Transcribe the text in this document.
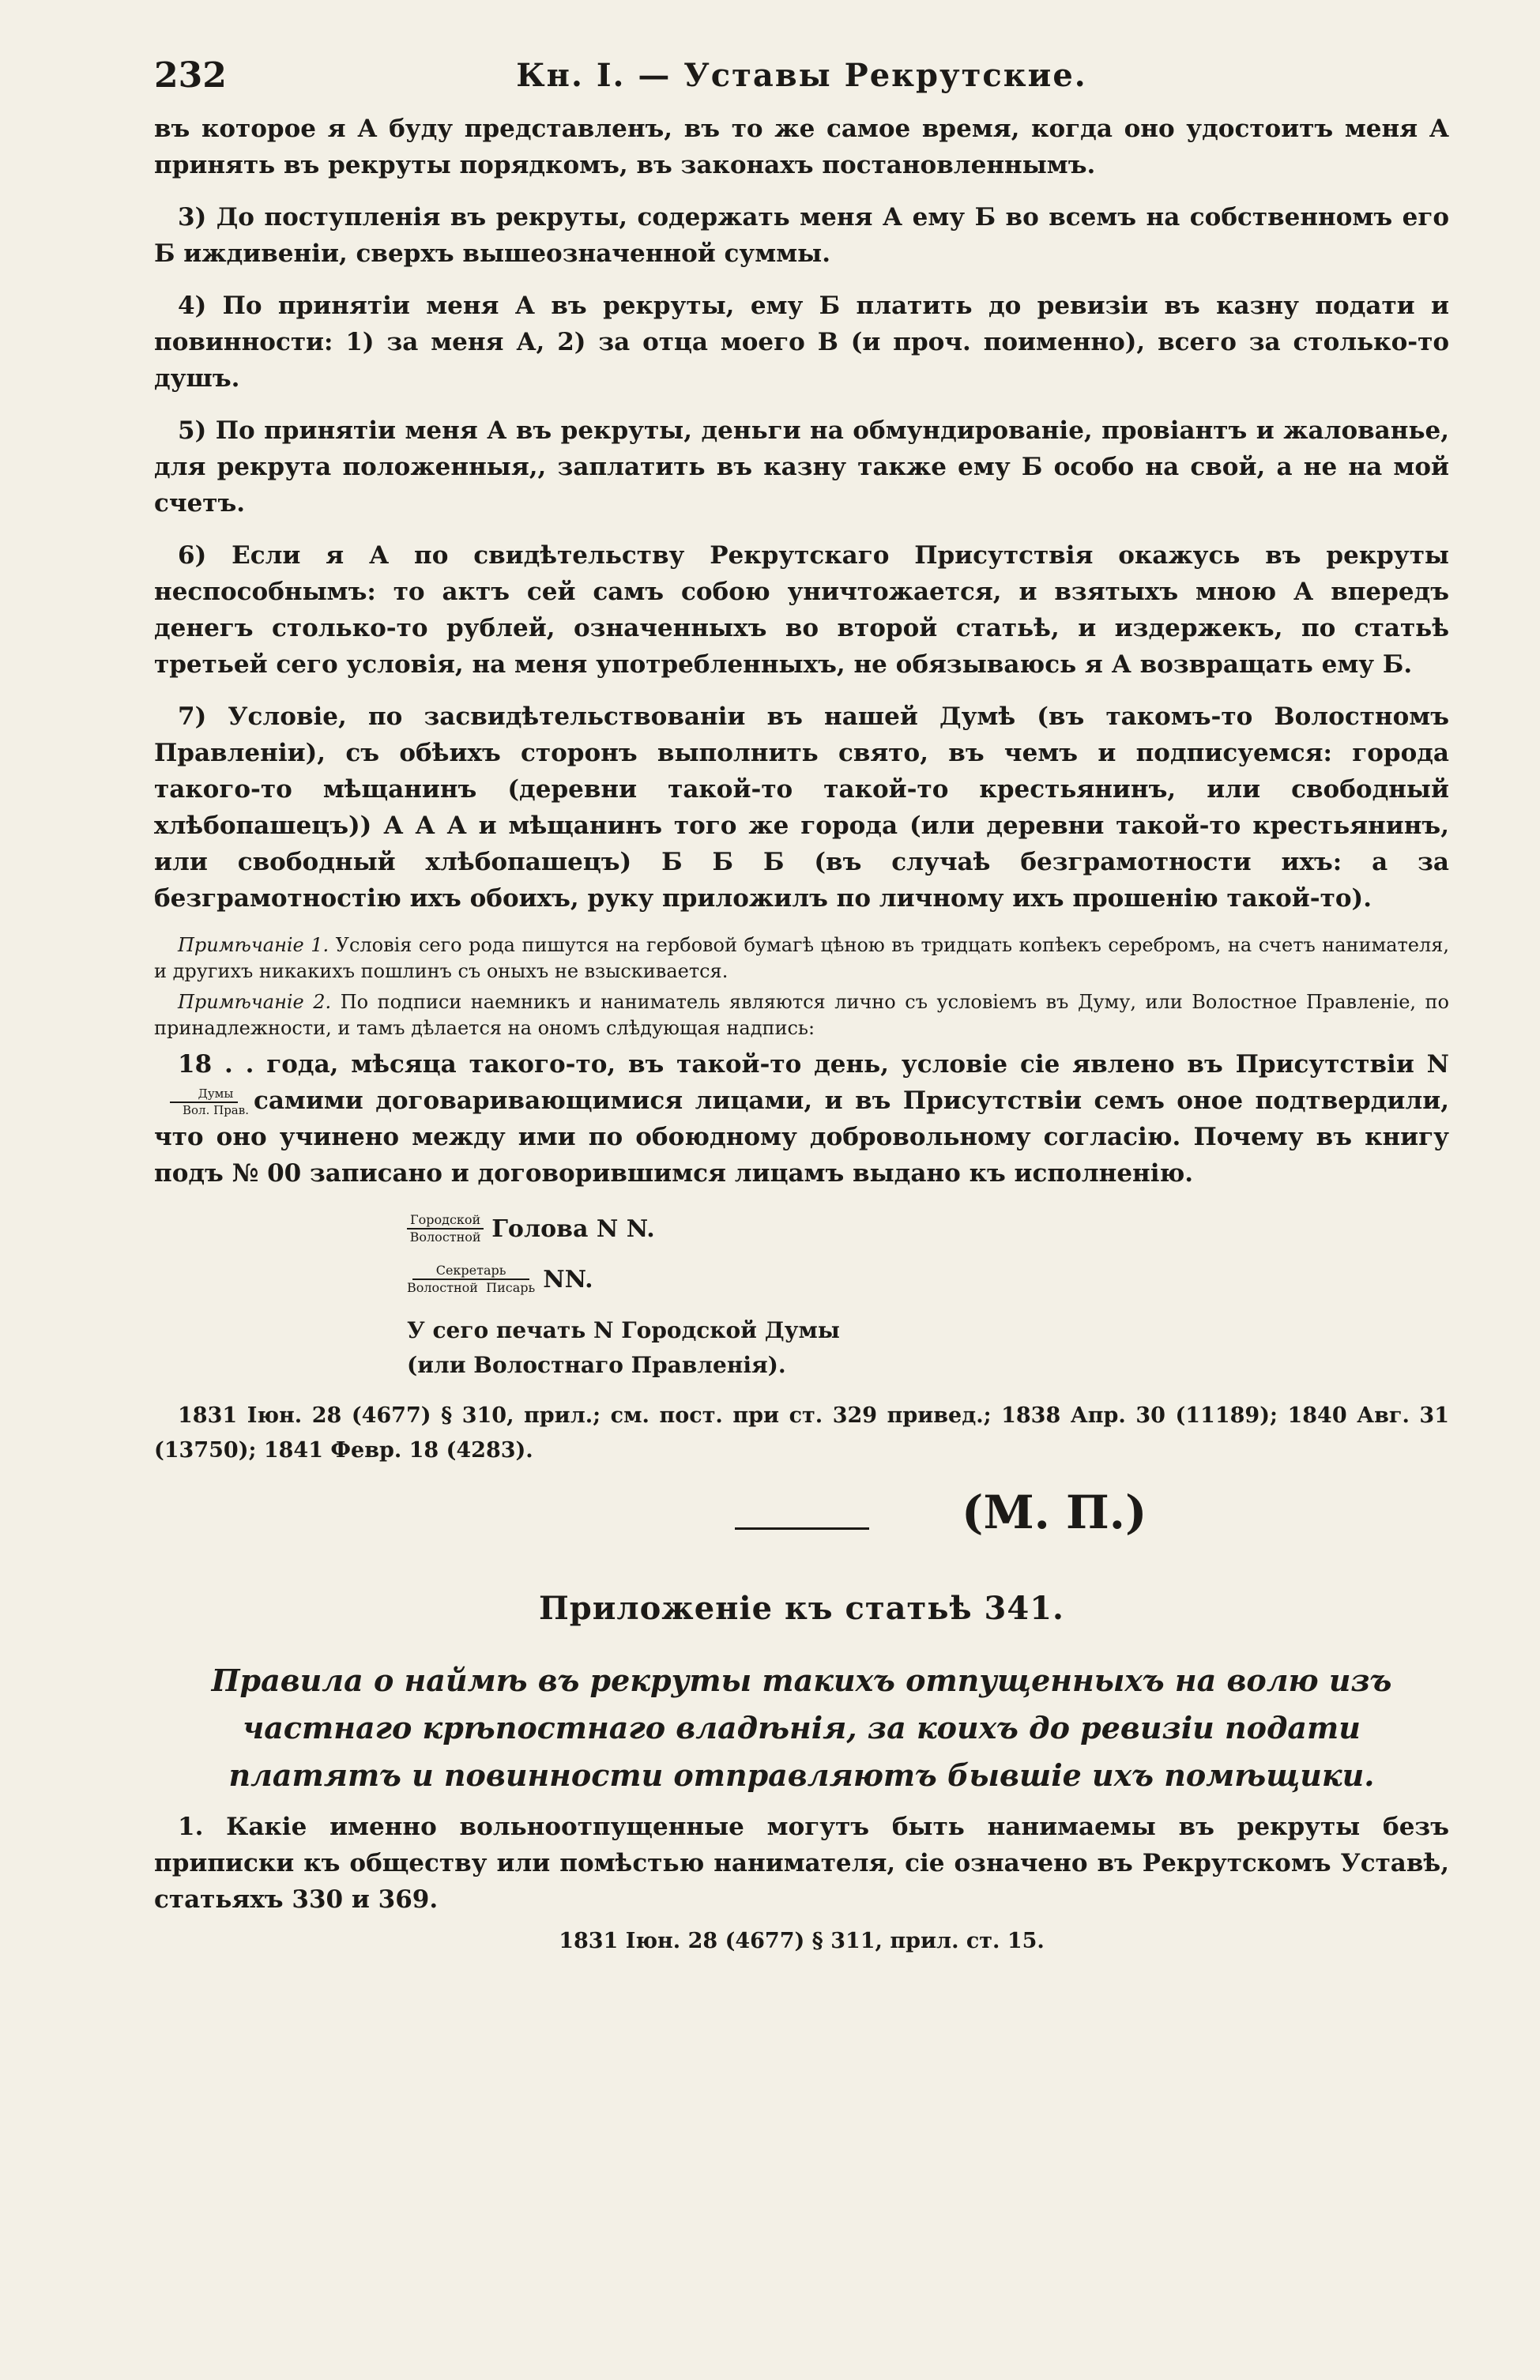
232	Кн. I. — Уставы Рекрутские.

въ которое я А буду представленъ, въ то же самое время, когда оно удостоитъ меня А принять въ рекруты порядкомъ, въ законахъ постановленнымъ.

3) До поступленія въ рекруты, содержать меня А ему Б во всемъ на собственномъ его Б иждивеніи, сверхъ вышеозначенной суммы.

4) По принятіи меня А въ рекруты, ему Б платить до ревизіи въ казну подати и повинности: 1) за меня А, 2) за отца моего В (и проч. поименно), всего за столько-то душъ.

5) По принятіи меня А въ рекруты, деньги на обмундированіе, провіантъ и жалованье, для рекрута положенныя,, заплатить въ казну также ему Б особо на свой, а не на мой счетъ.

6) Если я А по свидѣтельству Рекрутскаго Присутствія окажусь въ рекруты неспособнымъ: то актъ сей самъ собою уничтожается, и взятыхъ мною А впередъ денегъ столько-то рублей, означенныхъ во второй статьѣ, и издержекъ, по статьѣ третьей сего условія, на меня употребленныхъ, не обязываюсь я А возвращать ему Б.

7) Условіе, по засвидѣтельствованіи въ нашей Думѣ (въ такомъ-то Волостномъ Правленіи), съ обѣихъ сторонъ выполнить свято, въ чемъ и подписуемся: города такого-то мѣщанинъ (деревни такой-то такой-то крестьянинъ, или свободный хлѣбопашецъ)) А А А и мѣщанинъ того же города (или деревни такой-то крестьянинъ, или свободный хлѣбопашецъ) Б Б Б (въ случаѣ безграмотности ихъ: а за безграмотностію ихъ обоихъ, руку приложилъ по личному ихъ прошенію такой-то).

Примѣчаніе 1. Условія сего рода пишутся на гербовой бумагѣ цѣною въ тридцать копѣекъ серебромъ, на счетъ нанимателя, и другихъ никакихъ пошлинъ съ оныхъ не взыскивается.

Примѣчаніе 2. По подписи наемникъ и наниматель являются лично съ условіемъ въ Думу, или Волостное Правленіе, по принадлежности, и тамъ дѣлается на ономъ слѣдующая надпись:

18 . . года, мѣсяца такого-то, въ такой-то день, условіе сіе явлено въ Присутствіи N
$\frac{\text{Думы}}{\text{Вол. Прав.}}$ самими договаривающимися лицами, и въ Присутствіи семъ оное подтвердили, что оно учинено между ими по обоюдному добровольному согласію. Почему въ книгу подъ № 00 записано и договорившимся лицамъ выдано къ исполненію.

$\frac{\text{Городской}}{\text{Волостной}}$ Голова N N.
$\frac{\text{Секретарь}}{\text{Волостной Писарь}}$ NN.
У сего печать N Городской Думы
(или Волостнаго Правленія).
(М. П.)
1831 Іюн. 28 (4677) § 310, прил.; см. пост. при ст. 329 привед.; 1838 Апр. 30 (11189); 1840 Авг. 31 (13750); 1841 Февр. 18 (4283).
Приложеніе къ статьѣ 341.
Правила о наймѣ въ рекруты такихъ отпущенныхъ на волю изъ частнаго крѣпостнаго владѣнія, за коихъ до ревизіи подати платятъ и повинности отправляютъ бывшіе ихъ помѣщики.
1. Какіе именно вольноотпущенные могутъ быть нанимаемы въ рекруты безъ приписки къ обществу или помѣстью нанимателя, сіе означено въ Рекрутскомъ Уставѣ, статьяхъ 330 и 369.
1831 Іюн. 28 (4677) § 311, прил. ст. 15.
